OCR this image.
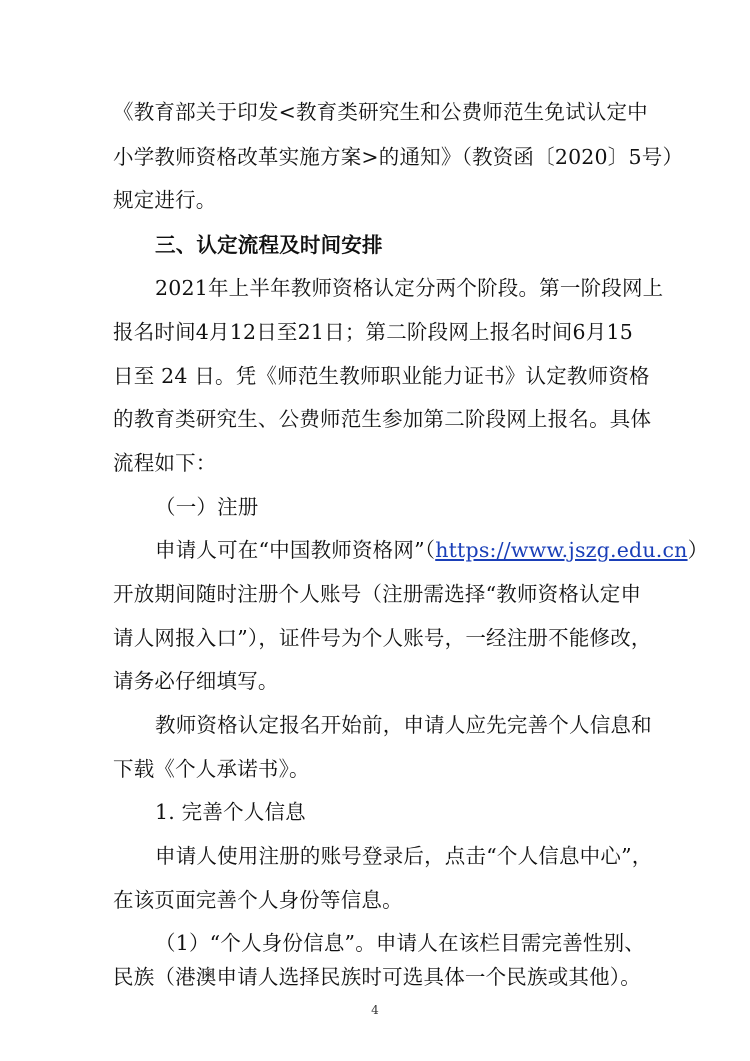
《教育部关于印发<教育类研究生和公费师范生免试认定中
小学教师资格改革实施方案>的通知》（教资函〔2020〕5号）
规定进行。
三、认定流程及时间安排
2021年上半年教师资格认定分两个阶段。第一阶段网上
报名时间4月12日至21日；第二阶段网上报名时间6月15
日至 24 日。凭《师范生教师职业能力证书》认定教师资格
的教育类研究生、公费师范生参加第二阶段网上报名。具体
流程如下：
（一）注册
申请人可在“中国教师资格网”（https://www.jszg.edu.cn）
开放期间随时注册个人账号（注册需选择“教师资格认定申
请人网报入口”），证件号为个人账号，一经注册不能修改，
请务必仔细填写。
教师资格认定报名开始前，申请人应先完善个人信息和
下载《个人承诺书》。
1. 完善个人信息
申请人使用注册的账号登录后，点击“个人信息中心”，
在该页面完善个人身份等信息。
（1）“个人身份信息”。申请人在该栏目需完善性别、
民族（港澳申请人选择民族时可选具体一个民族或其他）。
4
